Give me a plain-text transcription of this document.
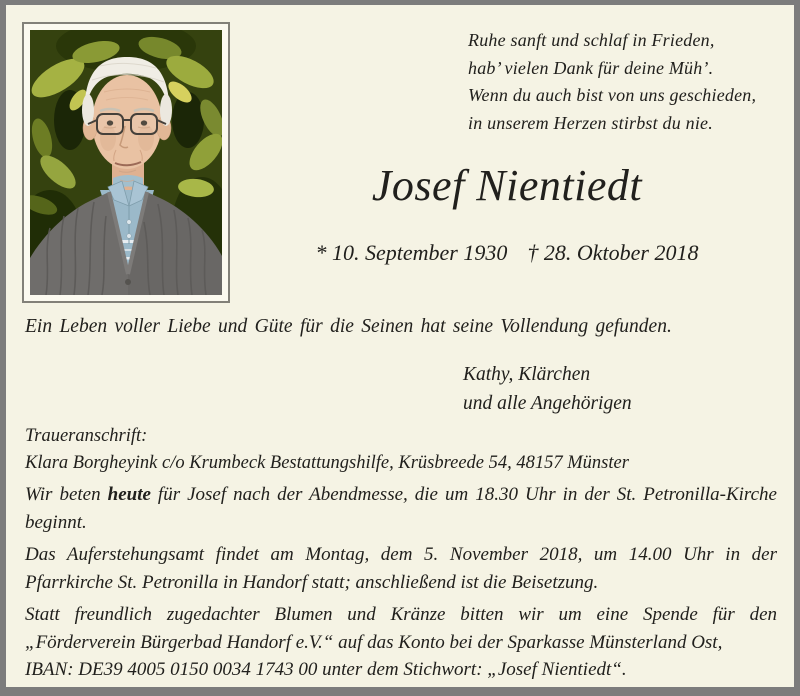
Ruhe sanft und schlaf in Frieden,
hab’ vielen Dank für deine Müh’.
Wenn du auch bist von uns geschieden,
in unserem Herzen stirbst du nie.
Josef Nientiedt
* 10. September 1930 † 28. Oktober 2018
Ein Leben voller Liebe und Güte für die Seinen hat seine Vollendung gefunden.
Kathy, Klärchen
und alle Angehörigen
Traueranschrift:
Klara Borgheyink c/o Krumbeck Bestattungshilfe, Krüsbreede 54, 48157 Münster
Wir beten heute für Josef nach der Abendmesse, die um 18.30 Uhr in der St. Petronilla-Kirche
beginnt.
Das Auferstehungsamt findet am Montag, dem 5. November 2018, um 14.00 Uhr in der
Pfarrkirche St. Petronilla in Handorf statt; anschließend ist die Beisetzung.
Statt freundlich zugedachter Blumen und Kränze bitten wir um eine Spende für den
„Förderverein Bürgerbad Handorf e.V.“ auf das Konto bei der Sparkasse Münsterland Ost,
IBAN: DE39 4005 0150 0034 1743 00 unter dem Stichwort: „Josef Nientiedt“.
